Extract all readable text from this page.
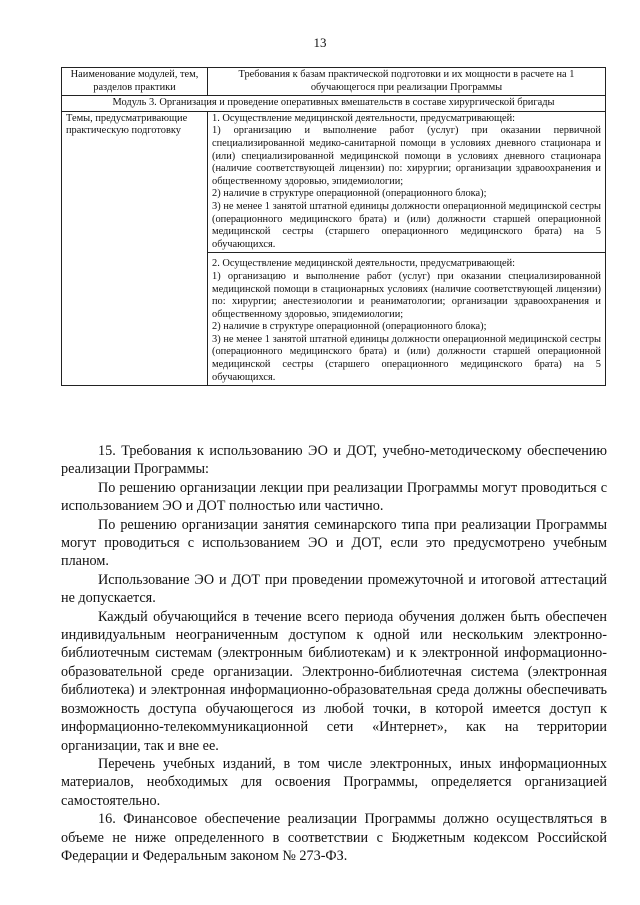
13
Наименование модулей, тем, разделов практики	Требования к базам практической подготовки и их мощности в расчете на 1 обучающегося при реализации Программы
Модуль 3. Организация и проведение оперативных вмешательств в составе хирургической бригады	
Темы, предусматривающие практическую подготовку	1. Осуществление медицинской деятельности, предусматривающей:

1) организацию и выполнение работ (услуг) при оказании первичной специализированной медико-санитарной помощи в условиях дневного стационара и (или) специализированной медицинской помощи в условиях дневного стационара (наличие соответствующей лицензии) по: хирургии; организации здравоохранения и общественному здоровью, эпидемиологии;

2) наличие в структуре операционной (операционного блока);

3) не менее 1 занятой штатной единицы должности операционной медицинской сестры (операционного медицинского брата) и (или) должности старшей операционной медицинской сестры (старшего операционного медицинского брата) на 5 обучающихся.

	2. Осуществление медицинской деятельности, предусматривающей:

1) организацию и выполнение работ (услуг) при оказании специализированной медицинской помощи в стационарных условиях (наличие соответствующей лицензии) по: хирургии; анестезиологии и реаниматологии; организации здравоохранения и общественному здоровью, эпидемиологии;

2) наличие в структуре операционной (операционного блока);

3) не менее 1 занятой штатной единицы должности операционной медицинской сестры (операционного медицинского брата) и (или) должности старшей операционной медицинской сестры (старшего операционного медицинского брата) на 5 обучающихся.

15. Требования к использованию ЭО и ДОТ, учебно-методическому обеспечению реализации Программы:

По решению организации лекции при реализации Программы могут проводиться с использованием ЭО и ДОТ полностью или частично.

По решению организации занятия семинарского типа при реализации Программы могут проводиться с использованием ЭО и ДОТ, если это предусмотрено учебным планом.

Использование ЭО и ДОТ при проведении промежуточной и итоговой аттестаций не допускается.

Каждый обучающийся в течение всего периода обучения должен быть обеспечен индивидуальным неограниченным доступом к одной или нескольким электронно-библиотечным системам (электронным библиотекам) и к электронной информационно-образовательной среде организации. Электронно-библиотечная система (электронная библиотека) и электронная информационно-образовательная среда должны обеспечивать возможность доступа обучающегося из любой точки, в которой имеется доступ к информационно-телекоммуникационной сети «Интернет», как на территории организации, так и вне ее.

Перечень учебных изданий, в том числе электронных, иных информационных материалов, необходимых для освоения Программы, определяется организацией самостоятельно.

16. Финансовое обеспечение реализации Программы должно осуществляться в объеме не ниже определенного в соответствии с Бюджетным кодексом Российской Федерации и Федеральным законом № 273-ФЗ.
